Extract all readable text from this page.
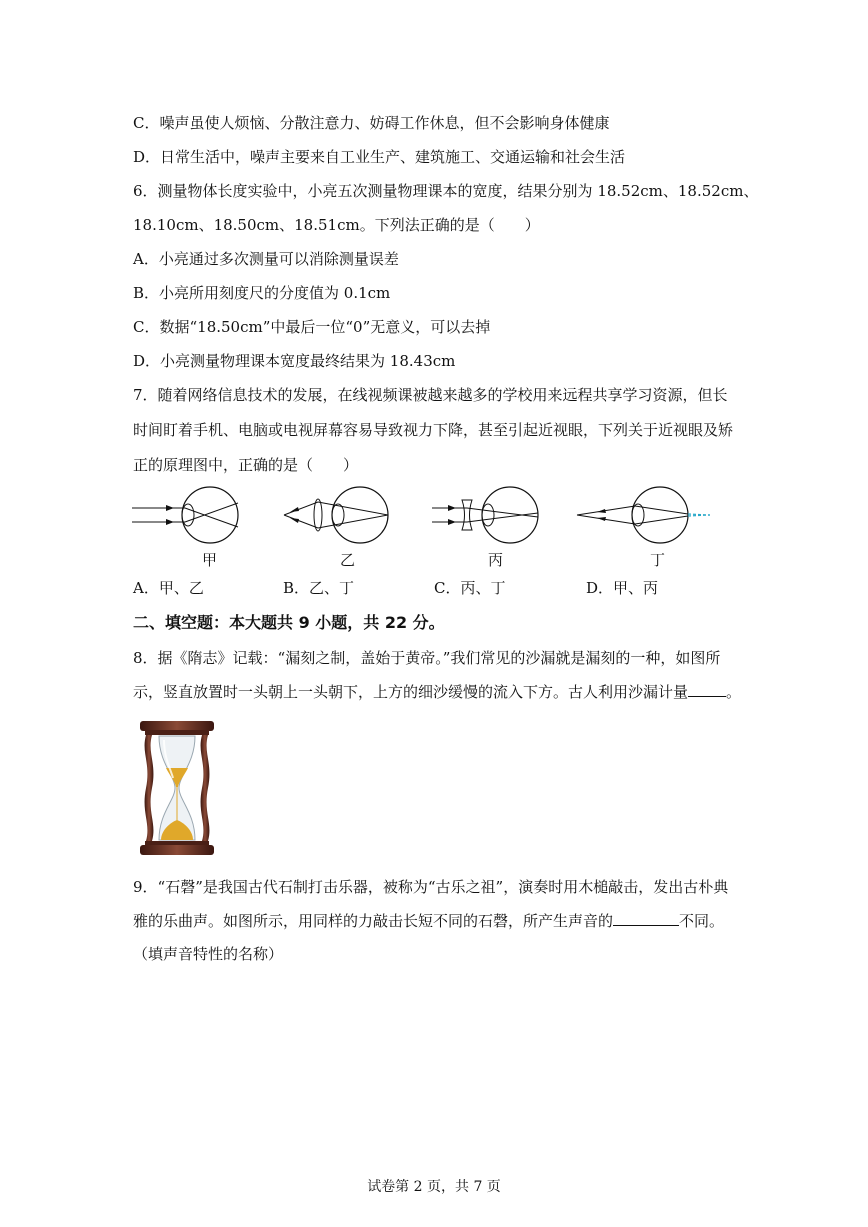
C．噪声虽使人烦恼、分散注意力、妨碍工作休息，但不会影响身体健康
D．日常生活中，噪声主要来自工业生产、建筑施工、交通运输和社会生活
6．测量物体长度实验中，小亮五次测量物理课本的宽度，结果分别为 18.52cm、18.52cm、
18.10cm、18.50cm、18.51cm。下列法正确的是（　　）
A．小亮通过多次测量可以消除测量误差
B．小亮所用刻度尺的分度值为 0.1cm
C．数据“18.50cm”中最后一位“0”无意义，可以去掉
D．小亮测量物理课本宽度最终结果为 18.43cm
7．随着网络信息技术的发展，在线视频课被越来越多的学校用来远程共享学习资源，但长
时间盯着手机、电脑或电视屏幕容易导致视力下降，甚至引起近视眼，下列关于近视眼及矫
正的原理图中，正确的是（　　）
甲	乙	丙	丁
A．甲、乙	B．乙、丁	C．丙、丁	D．甲、丙
二、填空题：本大题共 9 小题，共 22 分。
8．据《隋志》记载：“漏刻之制，盖始于黄帝。”我们常见的沙漏就是漏刻的一种，如图所
示，竖直放置时一头朝上一头朝下，上方的细沙缓慢的流入下方。古人利用沙漏计量	。
9．“石磬”是我国古代石制打击乐器，被称为“古乐之祖”，演奏时用木槌敲击，发出古朴典
雅的乐曲声。如图所示，用同样的力敲击长短不同的石磬，所产生声音的	不同。
（填声音特性的名称）
试卷第 2 页，共 7 页
